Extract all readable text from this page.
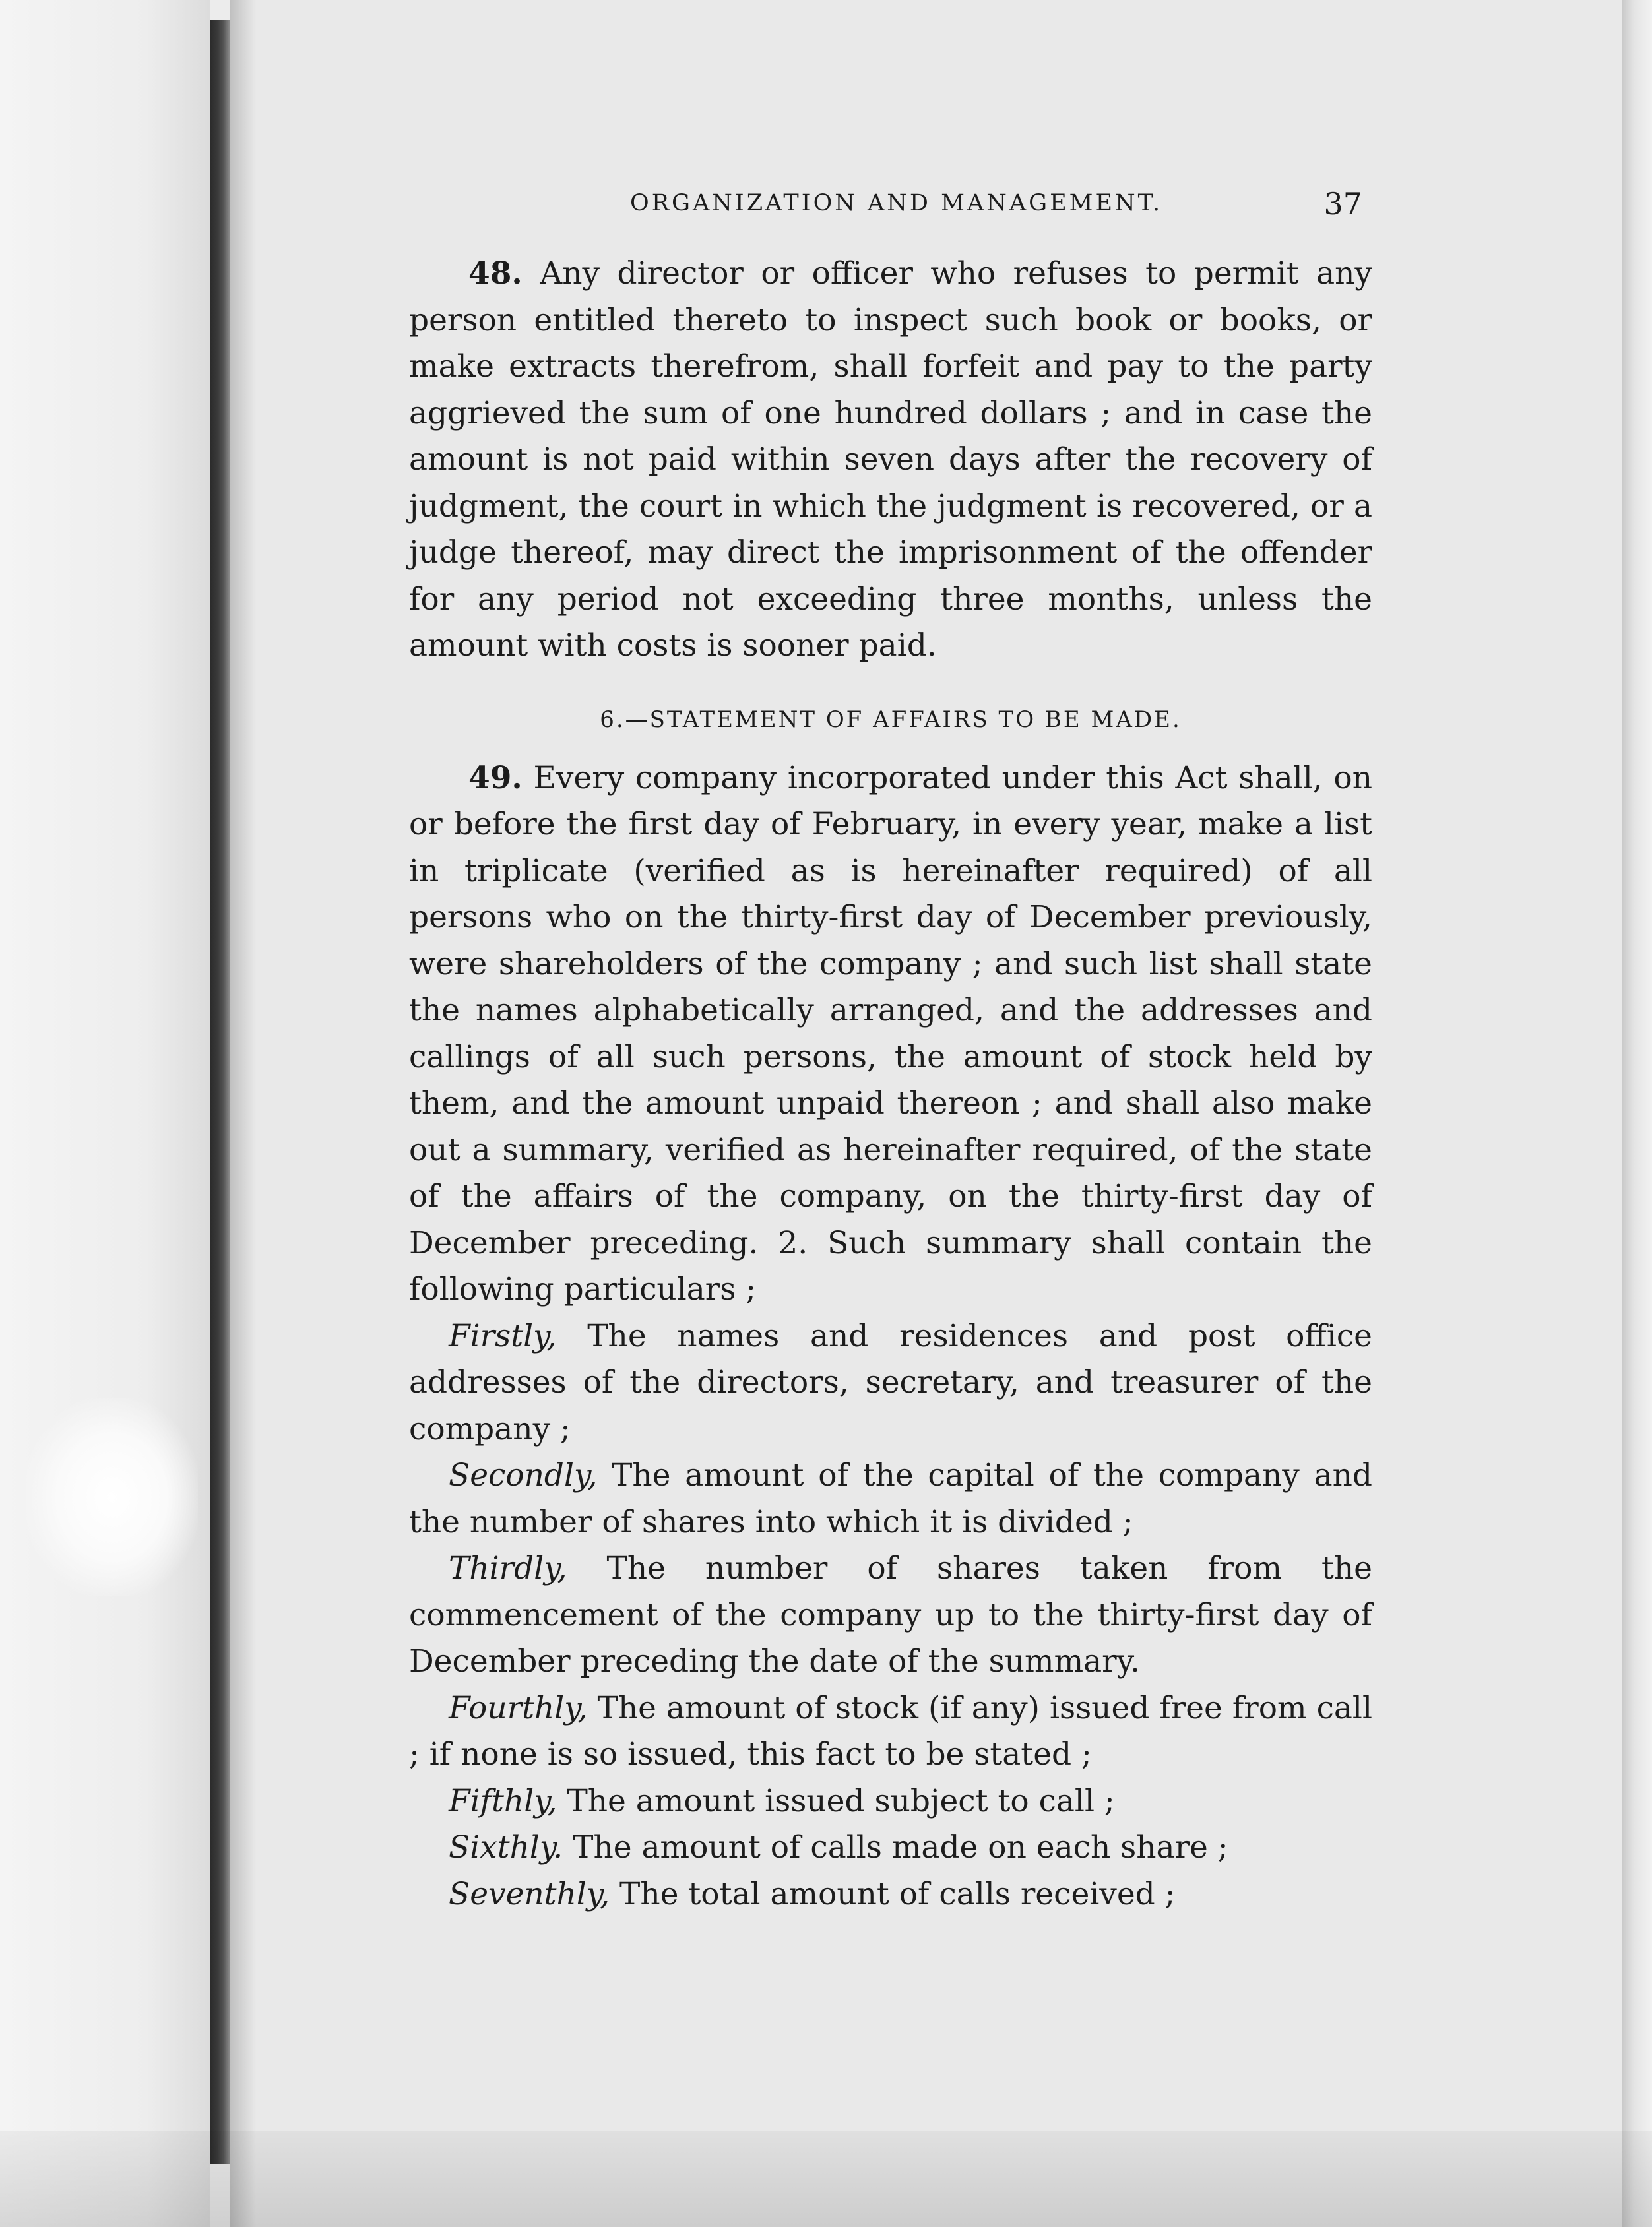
ORGANIZATION AND MANAGEMENT.	37

48. Any director or officer who refuses to permit any person entitled thereto to inspect such book or books, or make extracts therefrom, shall forfeit and pay to the party aggrieved the sum of one hundred dollars ; and in case the amount is not paid within seven days after the recovery of judgment, the court in which the judgment is recovered, or a judge thereof, may direct the imprisonment of the offender for any period not exceeding three months, unless the amount with costs is sooner paid.

6.—STATEMENT OF AFFAIRS TO BE MADE.

49. Every company incorporated under this Act shall, on or before the first day of February, in every year, make a list in triplicate (verified as is hereinafter required) of all persons who on the thirty-first day of December previously, were shareholders of the company ; and such list shall state the names alphabetically arranged, and the addresses and callings of all such persons, the amount of stock held by them, and the amount unpaid thereon ; and shall also make out a summary, verified as hereinafter required, of the state of the affairs of the company, on the thirty-first day of December preceding. 2. Such summary shall contain the following particulars ;

Firstly, The names and residences and post office addresses of the directors, secretary, and treasurer of the company ;

Secondly, The amount of the capital of the company and the number of shares into which it is divided ;

Thirdly, The number of shares taken from the commencement of the company up to the thirty-first day of December preceding the date of the summary.

Fourthly, The amount of stock (if any) issued free from call ; if none is so issued, this fact to be stated ;

Fifthly, The amount issued subject to call ;

Sixthly. The amount of calls made on each share ;

Seventhly, The total amount of calls received ;
